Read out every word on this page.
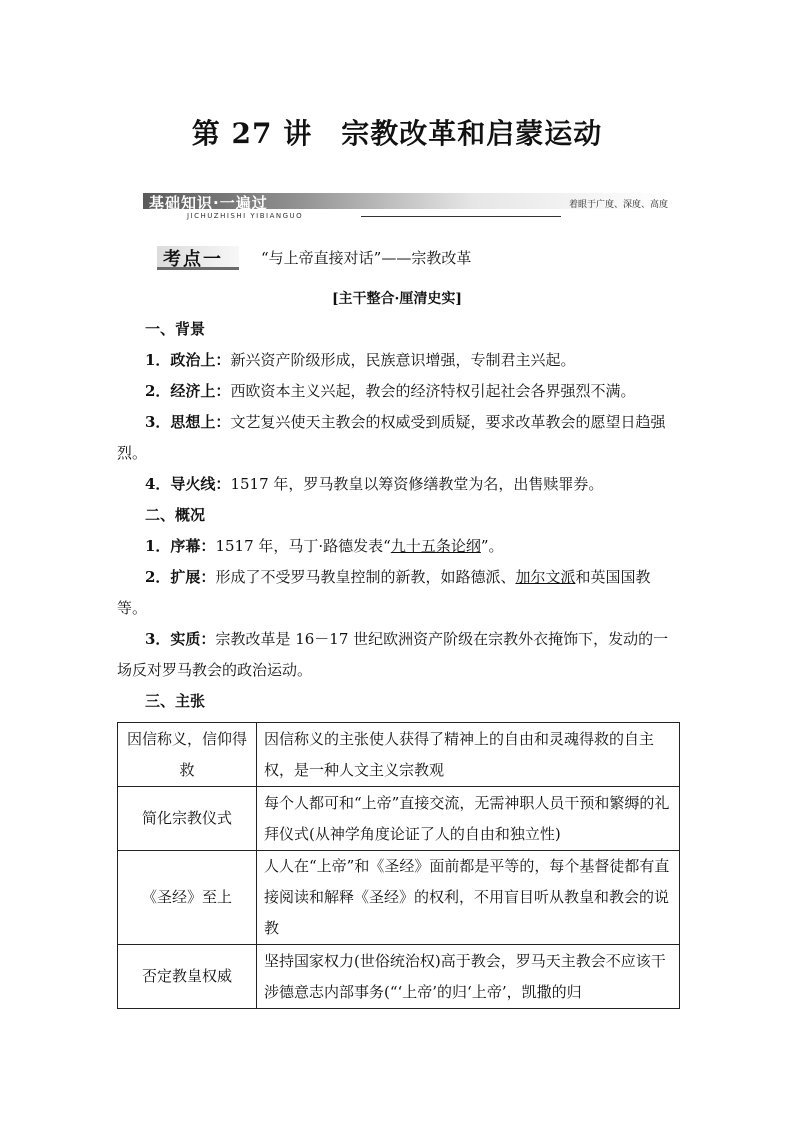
第 27 讲　宗教改革和启蒙运动
基础知识·一遍过
JICHUZHISHI YIBIANGUO
着眼于广度、深度、高度
考点一	“与上帝直接对话”——宗教改革
[主干整合·厘清史实]
一、背景
1．政治上：新兴资产阶级形成，民族意识增强，专制君主兴起。
2．经济上：西欧资本主义兴起，教会的经济特权引起社会各界强烈不满。
3．思想上：文艺复兴使天主教会的权威受到质疑，要求改革教会的愿望日趋强烈。
4．导火线：1517 年，罗马教皇以筹资修缮教堂为名，出售赎罪券。
二、概况
1．序幕：1517 年，马丁·路德发表“九十五条论纲”。
2．扩展：形成了不受罗马教皇控制的新教，如路德派、加尔文派和英国国教等。
3．实质：宗教改革是 16－17 世纪欧洲资产阶级在宗教外衣掩饰下，发动的一场反对罗马教会的政治运动。
三、主张
因信称义，信仰得救	因信称义的主张使人获得了精神上的自由和灵魂得救的自主权，是一种人文主义宗教观
简化宗教仪式	每个人都可和“上帝”直接交流，无需神职人员干预和繁缛的礼拜仪式(从神学角度论证了人的自由和独立性)
《圣经》至上	人人在“上帝”和《圣经》面前都是平等的，每个基督徒都有直接阅读和解释《圣经》的权利，不用盲目听从教皇和教会的说教
否定教皇权威	坚持国家权力(世俗统治权)高于教会，罗马天主教会不应该干涉德意志内部事务(“‘上帝’的归‘上帝’，凯撒的归
